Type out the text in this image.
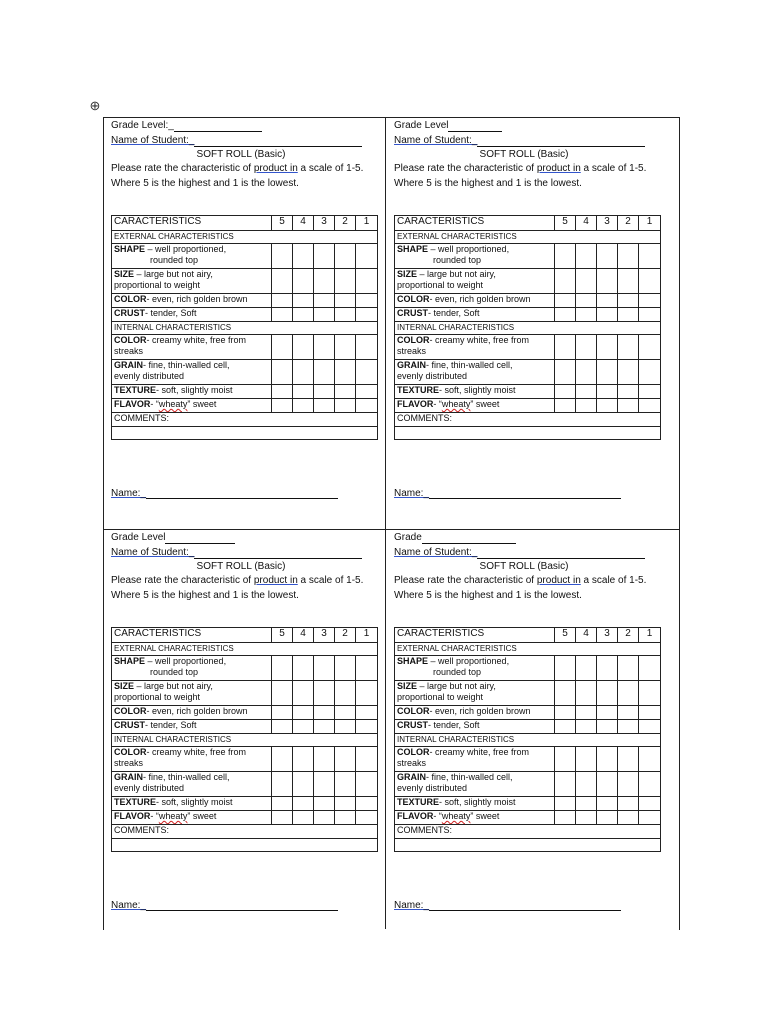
⊕
Grade Level:_
Name of Student:_
SOFT ROLL (Basic)
Please rate the characteristic of product in a scale of 1-5.
Where 5 is the highest and 1 is the lowest.
CARACTERISTICS	5	4	3	2	1
EXTERNAL CHARACTERISTICS					
SHAPE – well proportioned,
rounded top					
SIZE – large but not airy,
proportional to weight					
COLOR- even, rich golden brown					
CRUST- tender, Soft					
INTERNAL CHARACTERISTICS					
COLOR- creamy white, free from
streaks					
GRAIN- fine, thin-walled cell,
evenly distributed					
TEXTURE- soft, slightly moist					
FLAVOR- “wheaty” sweet					
COMMENTS:					

Name:_
Grade Level
Name of Student:_
SOFT ROLL (Basic)
Please rate the characteristic of product in a scale of 1-5.
Where 5 is the highest and 1 is the lowest.
CARACTERISTICS	5	4	3	2	1
EXTERNAL CHARACTERISTICS					
SHAPE – well proportioned,
rounded top					
SIZE – large but not airy,
proportional to weight					
COLOR- even, rich golden brown					
CRUST- tender, Soft					
INTERNAL CHARACTERISTICS					
COLOR- creamy white, free from
streaks					
GRAIN- fine, thin-walled cell,
evenly distributed					
TEXTURE- soft, slightly moist					
FLAVOR- “wheaty” sweet					
COMMENTS:					

Name:_
Grade Level
Name of Student:_
SOFT ROLL (Basic)
Please rate the characteristic of product in a scale of 1-5.
Where 5 is the highest and 1 is the lowest.
CARACTERISTICS	5	4	3	2	1
EXTERNAL CHARACTERISTICS					
SHAPE – well proportioned,
rounded top					
SIZE – large but not airy,
proportional to weight					
COLOR- even, rich golden brown					
CRUST- tender, Soft					
INTERNAL CHARACTERISTICS					
COLOR- creamy white, free from
streaks					
GRAIN- fine, thin-walled cell,
evenly distributed					
TEXTURE- soft, slightly moist					
FLAVOR- “wheaty” sweet					
COMMENTS:					

Name:_
Grade
Name of Student:_
SOFT ROLL (Basic)
Please rate the characteristic of product in a scale of 1-5.
Where 5 is the highest and 1 is the lowest.
CARACTERISTICS	5	4	3	2	1
EXTERNAL CHARACTERISTICS					
SHAPE – well proportioned,
rounded top					
SIZE – large but not airy,
proportional to weight					
COLOR- even, rich golden brown					
CRUST- tender, Soft					
INTERNAL CHARACTERISTICS					
COLOR- creamy white, free from
streaks					
GRAIN- fine, thin-walled cell,
evenly distributed					
TEXTURE- soft, slightly moist					
FLAVOR- “wheaty” sweet					
COMMENTS:					

Name:_
